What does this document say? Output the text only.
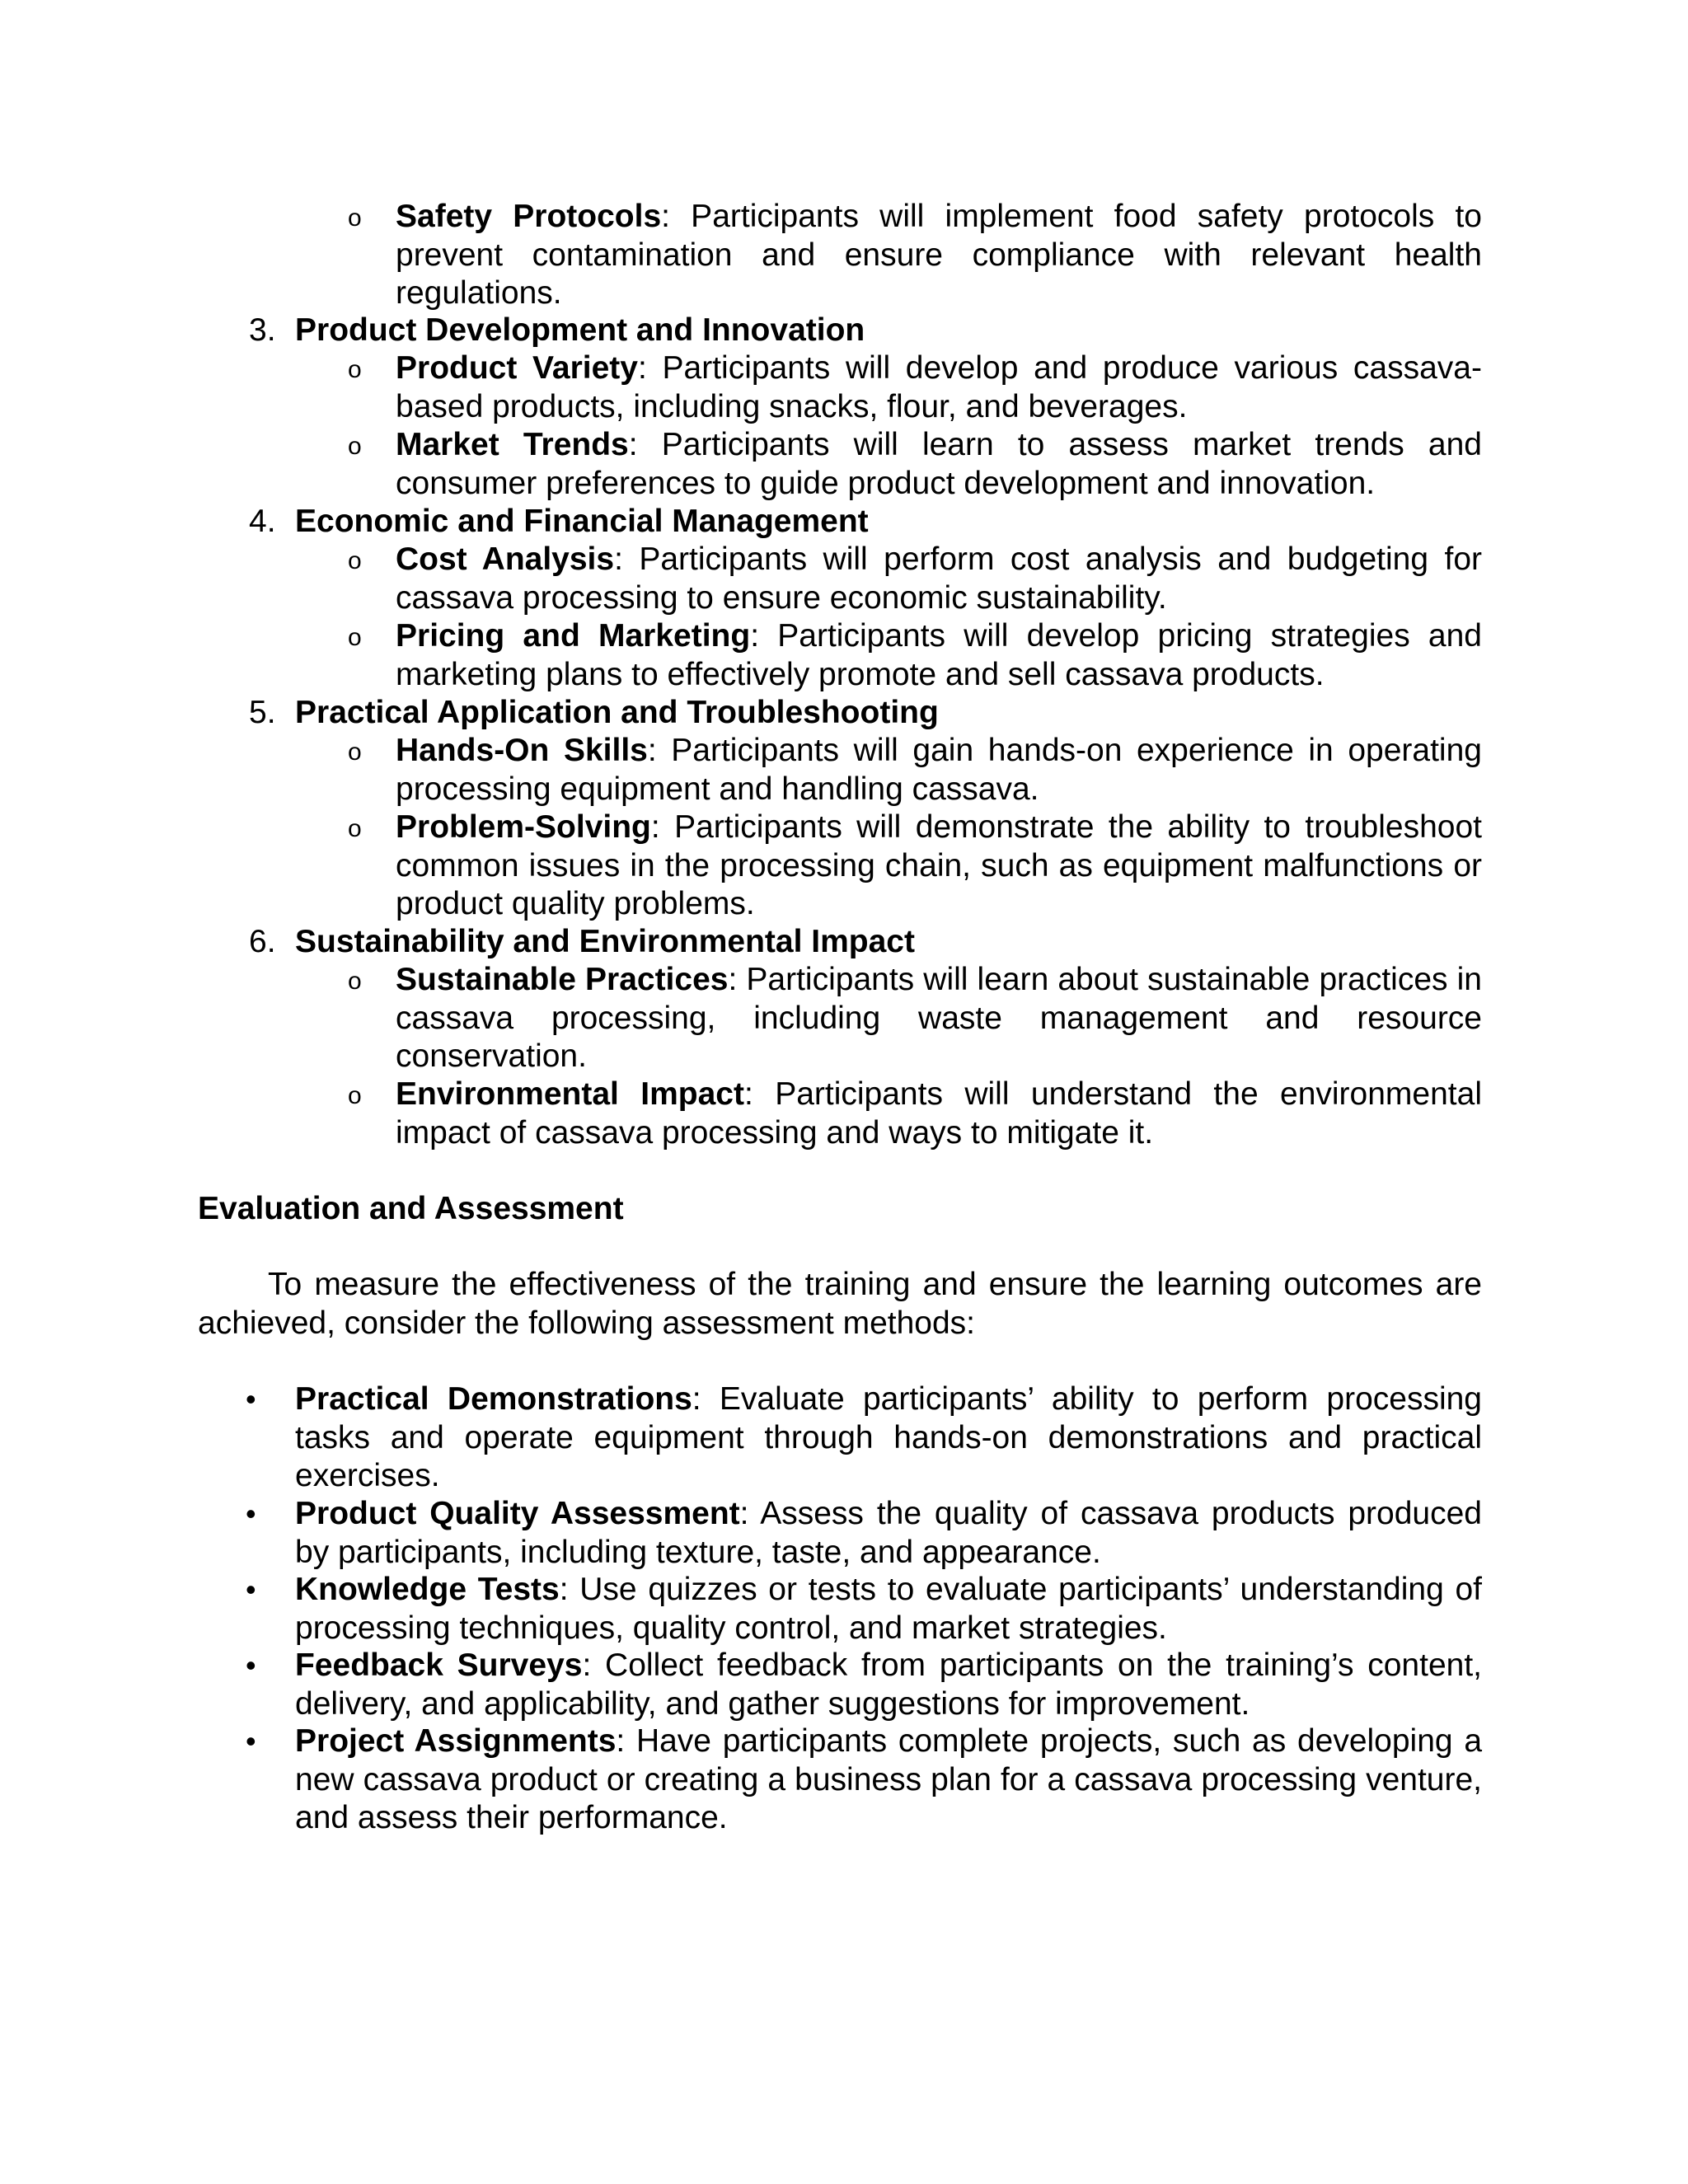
o Safety Protocols: Participants will implement food safety protocols to prevent contamination and ensure compliance with relevant health regulations.
3. Product Development and Innovation
o Product Variety: Participants will develop and produce various cassava-based products, including snacks, flour, and beverages.
o Market Trends: Participants will learn to assess market trends and consumer preferences to guide product development and innovation.
4. Economic and Financial Management
o Cost Analysis: Participants will perform cost analysis and budgeting for cassava processing to ensure economic sustainability.
o Pricing and Marketing: Participants will develop pricing strategies and marketing plans to effectively promote and sell cassava products.
5. Practical Application and Troubleshooting
o Hands-On Skills: Participants will gain hands-on experience in operating processing equipment and handling cassava.
o Problem-Solving: Participants will demonstrate the ability to troubleshoot common issues in the processing chain, such as equipment malfunctions or product quality problems.
6. Sustainability and Environmental Impact
o Sustainable Practices: Participants will learn about sustainable practices in cassava processing, including waste management and resource conservation.
o Environmental Impact: Participants will understand the environmental impact of cassava processing and ways to mitigate it.
Evaluation and Assessment
To measure the effectiveness of the training and ensure the learning outcomes are achieved, consider the following assessment methods:
• Practical Demonstrations: Evaluate participants’ ability to perform processing tasks and operate equipment through hands-on demonstrations and practical exercises.
• Product Quality Assessment: Assess the quality of cassava products produced by participants, including texture, taste, and appearance.
• Knowledge Tests: Use quizzes or tests to evaluate participants’ understanding of processing techniques, quality control, and market strategies.
• Feedback Surveys: Collect feedback from participants on the training’s content, delivery, and applicability, and gather suggestions for improvement.
• Project Assignments: Have participants complete projects, such as developing a new cassava product or creating a business plan for a cassava processing venture, and assess their performance.
